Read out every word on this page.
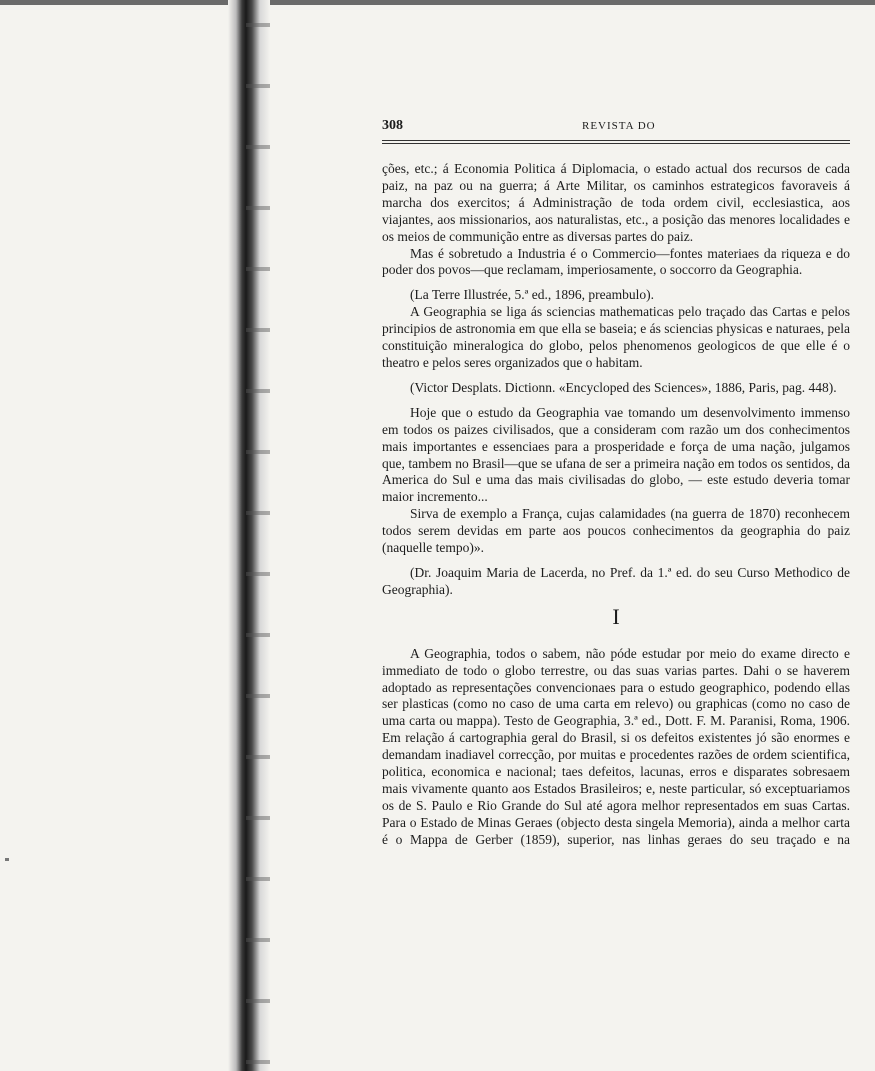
308	REVISTA DO

ções, etc.; á Economia Politica á Diplomacia, o estado actual dos recursos de cada paiz, na paz ou na guerra; á Arte Militar, os caminhos estrategicos favoraveis á marcha dos exercitos; á Administração de toda ordem civil, ecclesiastica, aos viajantes, aos missionarios, aos naturalistas, etc., a posição das menores localidades e os meios de communição entre as diversas partes do paiz.

Mas é sobretudo a Industria é o Commercio—fontes materiaes da riqueza e do poder dos povos—que reclamam, imperiosamente, o soccorro da Geographia.

(La Terre Illustrée, 5.ª ed., 1896, preambulo).

A Geographia se liga ás sciencias mathematicas pelo traçado das Cartas e pelos principios de astronomia em que ella se baseia; e ás sciencias physicas e naturaes, pela constituição mineralogica do globo, pelos phenomenos geologicos de que elle é o theatro e pelos seres organizados que o habitam.

(Victor Desplats. Dictionn. «Encycloped des Sciences», 1886, Paris, pag. 448).

Hoje que o estudo da Geographia vae tomando um desenvolvimento immenso em todos os paizes civilisados, que a consideram com razão um dos conhecimentos mais importantes e essenciaes para a prosperidade e força de uma nação, julgamos que, tambem no Brasil—que se ufana de ser a primeira nação em todos os sentidos, da America do Sul e uma das mais civilisadas do globo, — este estudo deveria tomar maior incremento...

Sirva de exemplo a França, cujas calamidades (na guerra de 1870) reconhecem todos serem devidas em parte aos poucos conhecimentos da geographia do paiz (naquelle tempo)».

(Dr. Joaquim Maria de Lacerda, no Pref. da 1.ª ed. do seu Curso Methodico de Geographia).

I

A Geographia, todos o sabem, não póde estudar por meio do exame directo e immediato de todo o globo terrestre, ou das suas varias partes. Dahi o se haverem adoptado as representações convencionaes para o estudo geographico, podendo ellas ser plasticas (como no caso de uma carta em relevo) ou graphicas (como no caso de uma carta ou mappa). Testo de Geographia, 3.ª ed., Dott. F. M. Paranisi, Roma, 1906. Em relação á cartographia geral do Brasil, si os defeitos existentes jó são enormes e demandam inadiavel correcção, por muitas e procedentes razões de ordem scientifica, politica, economica e nacional; taes defeitos, lacunas, erros e disparates sobresaem mais vivamente quanto aos Estados Brasileiros; e, neste particular, só exceptuariamos os de S. Paulo e Rio Grande do Sul até agora melhor representados em suas Cartas. Para o Estado de Minas Geraes (objecto desta singela Memoria), ainda a melhor carta é o Mappa de Gerber (1859), superior, nas linhas geraes do seu traçado e na
